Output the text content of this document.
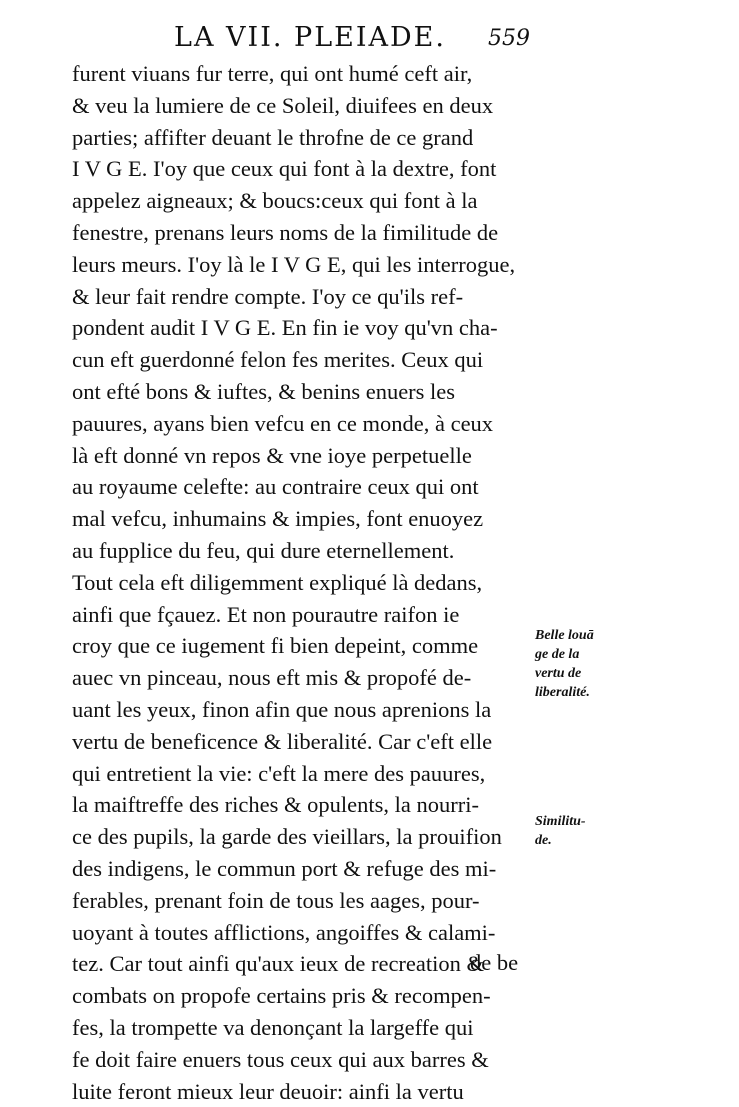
LA VII. PLEIADE.	559
furent viuans fur terre, qui ont humé ceft air,
& veu la lumiere de ce Soleil, diuifees en deux
parties; affifter deuant le throfne de ce grand
I V G E. I'oy que ceux qui font à la dextre, font
appelez aigneaux; & boucs:ceux qui font à la
fenestre, prenans leurs noms de la fimilitude de
leurs meurs. I'oy là le I V G E, qui les interrogue,
& leur fait rendre compte. I'oy ce qu'ils ref-
pondent audit I V G E. En fin ie voy qu'vn cha-
cun eft guerdonné felon fes merites. Ceux qui
ont efté bons & iuftes, & benins enuers les
pauures, ayans bien vefcu en ce monde, à ceux
là eft donné vn repos & vne ioye perpetuelle
au royaume celefte: au contraire ceux qui ont
mal vefcu, inhumains & impies, font enuoyez
au fupplice du feu, qui dure eternellement.
Tout cela eft diligemment expliqué là dedans,
ainfi que fçauez. Et non pourautre raifon ie
croy que ce iugement fi bien depeint, comme
auec vn pinceau, nous eft mis & propofé de-
uant les yeux, finon afin que nous aprenions la
vertu de beneficence & liberalité. Car c'eft elle
qui entretient la vie: c'eft la mere des pauures,
la maiftreffe des riches & opulents, la nourri-
ce des pupils, la garde des vieillars, la prouifion
des indigens, le commun port & refuge des mi-
ferables, prenant foin de tous les aages, pour-
uoyant à toutes afflictions, angoiffes & calami-
tez. Car tout ainfi qu'aux ieux de recreation &
combats on propofe certains pris & recompen-
fes, la trompette va denonçant la largeffe qui
fe doit faire enuers tous ceux qui aux barres &
luite feront mieux leur deuoir: ainfi la vertu
de be
Belle louā
ge de la
vertu de
liberalité.
Similitu-
de.
